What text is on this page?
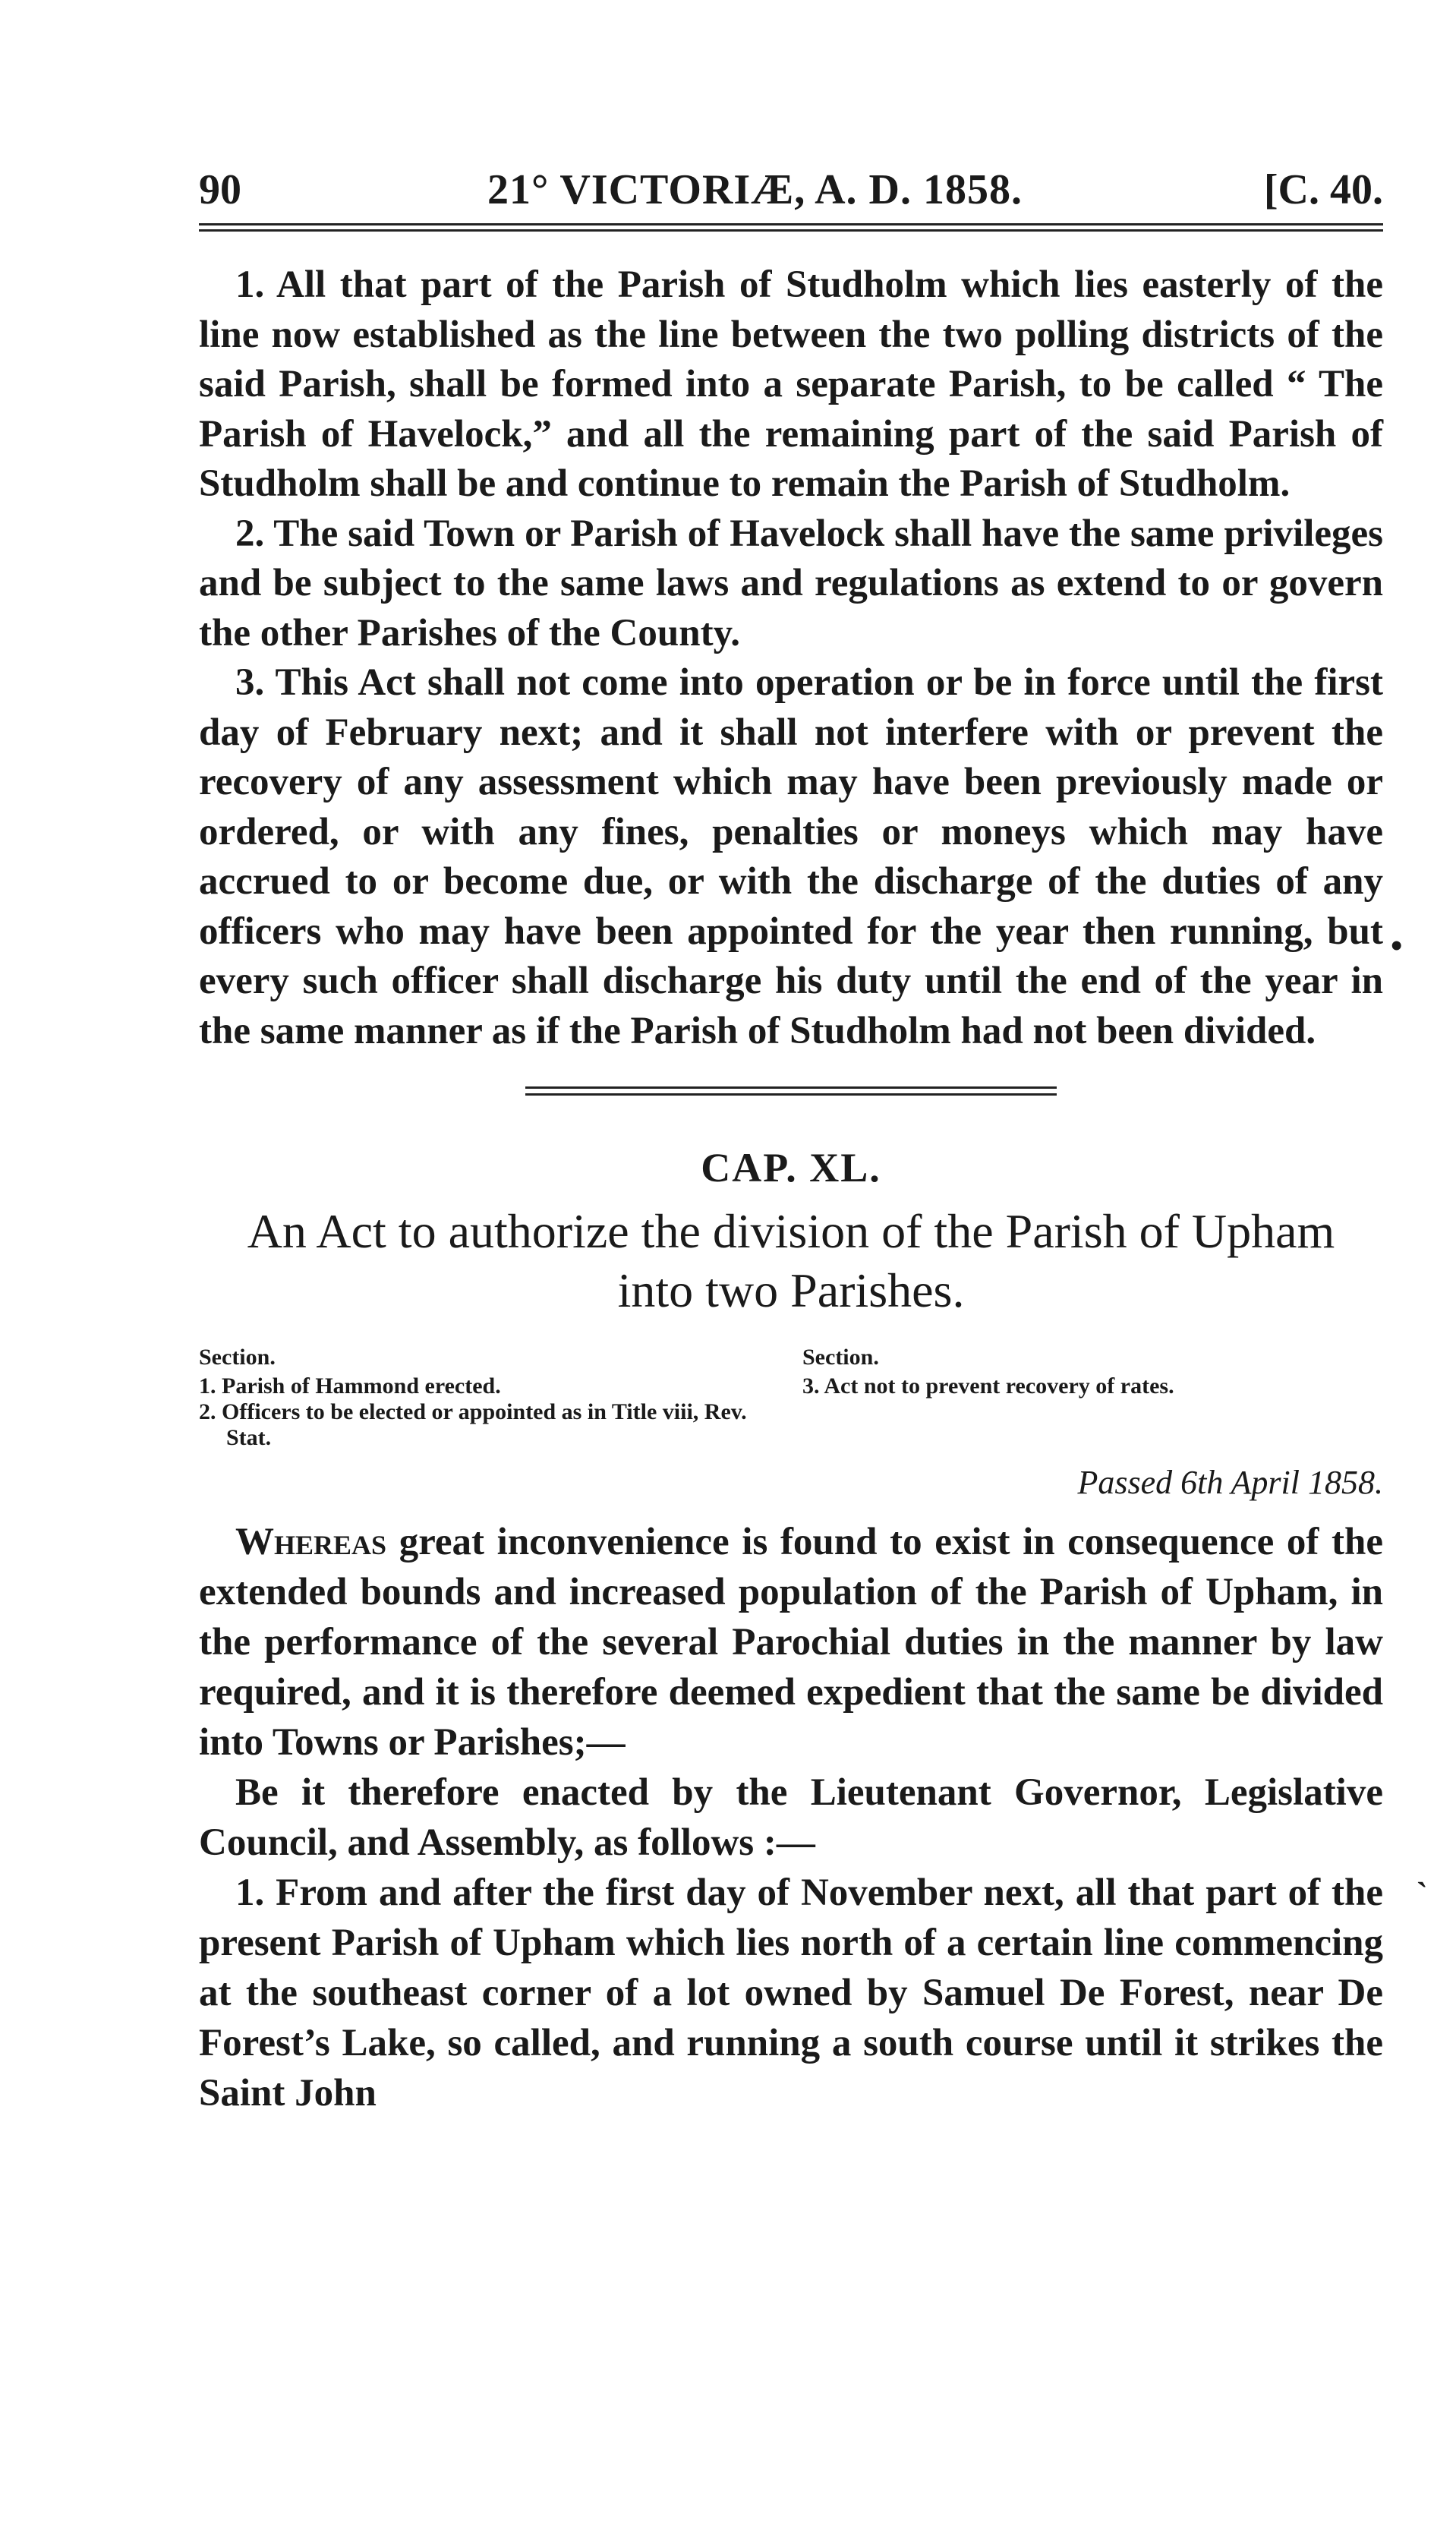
90	21° VICTORIÆ, A. D. 1858.	[C. 40.

1. All that part of the Parish of Studholm which lies easterly of the line now established as the line between the two polling districts of the said Parish, shall be formed into a separate Parish, to be called “ The Parish of Havelock,” and all the remaining part of the said Parish of Studholm shall be and continue to remain the Parish of Studholm.

2. The said Town or Parish of Havelock shall have the same privileges and be subject to the same laws and regulations as extend to or govern the other Parishes of the County.

3. This Act shall not come into operation or be in force until the first day of February next; and it shall not interfere with or prevent the recovery of any assessment which may have been previously made or ordered, or with any fines, penalties or moneys which may have accrued to or become due, or with the discharge of the duties of any officers who may have been appointed for the year then running, but every such officer shall discharge his duty until the end of the year in the same manner as if the Parish of Studholm had not been divided.

CAP. XL.
An Act to authorize the division of the Parish of Upham into two Parishes.
Section.
1. Parish of Hammond erected.
2. Officers to be elected or appointed as in Title viii, Rev. Stat.
Section.
3. Act not to prevent recovery of rates.
Passed 6th April 1858.

Whereas great inconvenience is found to exist in consequence of the extended bounds and increased population of the Parish of Upham, in the performance of the several Parochial duties in the manner by law required, and it is therefore deemed expedient that the same be divided into Towns or Parishes;—

Be it therefore enacted by the Lieutenant Governor, Legislative Council, and Assembly, as follows :—

1. From and after the first day of November next, all that part of the present Parish of Upham which lies north of a certain line commencing at the southeast corner of a lot owned by Samuel De Forest, near De Forest’s Lake, so called, and running a south course until it strikes the Saint John

•
`
